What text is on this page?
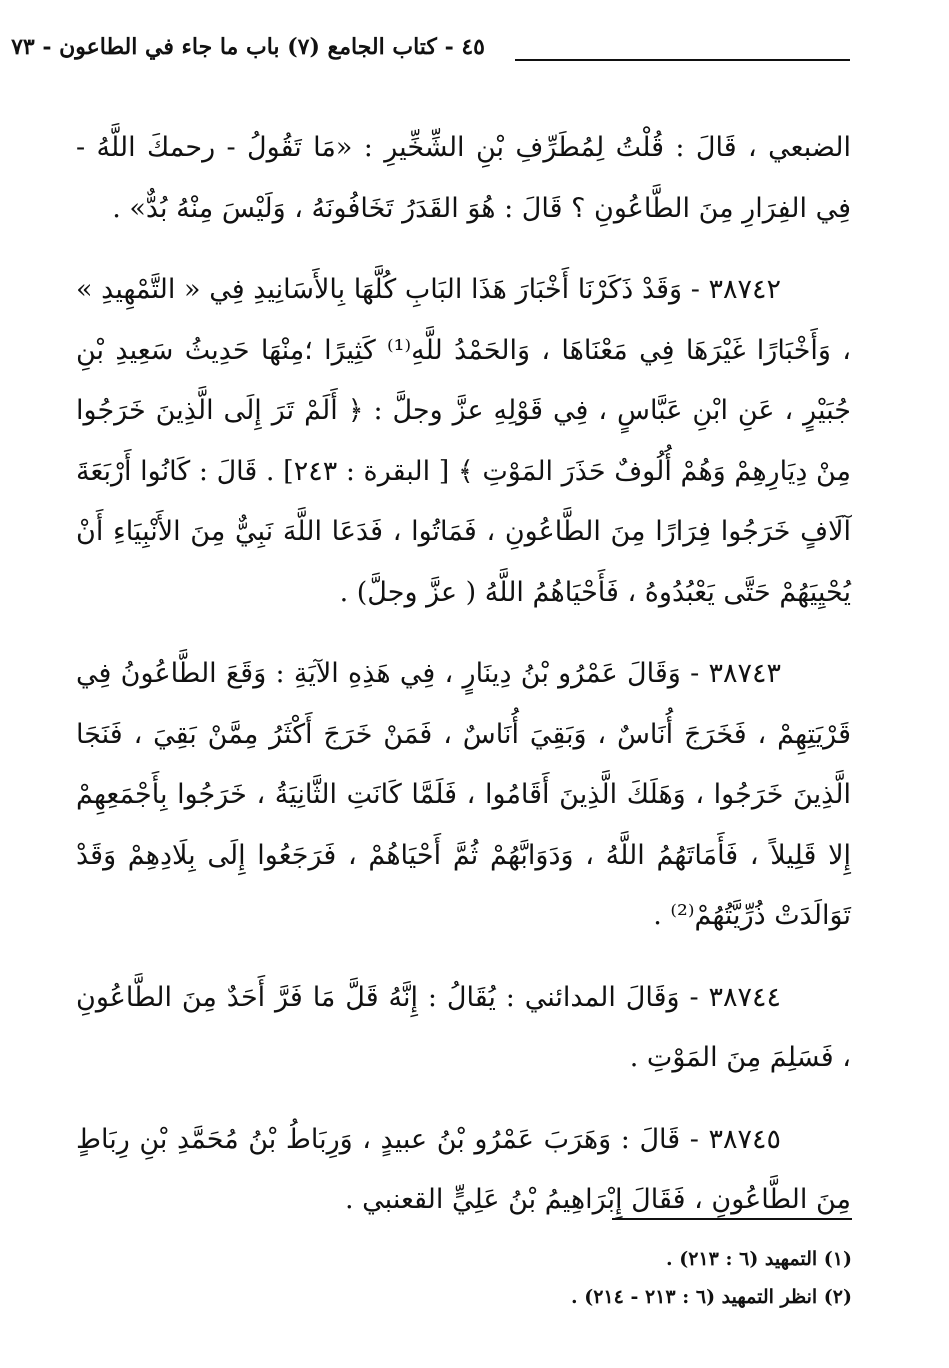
٤٥ - كتاب الجامع (٧) باب ما جاء في الطاعون - ٧٣

الضبعي ، قَالَ : قُلْتُ لِمُطَرِّفِ بْنِ الشِّخِّيرِ : «مَا تَقُولُ - رحمكَ اللَّهُ - فِي الفِرَارِ مِنَ الطَّاعُونِ ؟ قَالَ : هُوَ القَدَرُ تَخَافُونَهُ ، وَلَيْسَ مِنْهُ بُدٌّ» .

٣٨٧٤٢ - وَقَدْ ذَكَرْنَا أَخْبَارَ هَذَا البَابِ كُلَّهَا بِالأَسَانِيدِ فِي « التَّمْهِيدِ » ، وَأَخْبَارًا غَيْرَهَا فِي مَعْنَاهَا ، وَالحَمْدُ للَّهِ⁽¹⁾ كَثِيرًا ؛مِنْهَا حَدِيثُ سَعِيدِ بْنِ جُبَيْرٍ ، عَنِ ابْنِ عَبَّاسٍ ، فِي قَوْلِهِ عزَّ وجلَّ : ﴿ أَلَمْ تَرَ إِلَى الَّذِينَ خَرَجُوا مِنْ دِيَارِهِمْ وَهُمْ أُلُوفٌ حَذَرَ المَوْتِ ﴾ [ البقرة : ٢٤٣] . قَالَ : كَانُوا أَرْبَعَةَ آلَافٍ خَرَجُوا فِرَارًا مِنَ الطَّاعُونِ ، فَمَاتُوا ، فَدَعَا اللَّهَ نَبِيٌّ مِنَ الأَنْبِيَاءِ أَنْ يُحْيِيَهُمْ حَتَّى يَعْبُدُوهُ ، فَأَحْيَاهُمُ اللَّهُ ( عزَّ وجلَّ) .

٣٨٧٤٣ - وَقَالَ عَمْرُو بْنُ دِينَارٍ ، فِي هَذِهِ الآيَةِ : وَقَعَ الطَّاعُونُ فِي قَرْيَتِهِمْ ، فَخَرَجَ أُنَاسٌ ، وَبَقِيَ أُنَاسٌ ، فَمَنْ خَرَجَ أَكْثَرُ مِمَّنْ بَقِيَ ، فَنَجَا الَّذِينَ خَرَجُوا ، وَهَلَكَ الَّذِينَ أَقَامُوا ، فَلَمَّا كَانَتِ الثَّانِيَةُ ، خَرَجُوا بِأَجْمَعِهِمْ إِلا قَلِيلاً ، فَأَمَاتَهُمُ اللَّهُ ، وَدَوَابَّهُمْ ثُمَّ أَحْيَاهُمْ ، فَرَجَعُوا إِلَى بِلَادِهِمْ وَقَدْ تَوَالَدَتْ ذُرِّيَّتُهُمْ⁽²⁾ .

٣٨٧٤٤ - وَقَالَ المدائني : يُقَالُ : إِنَّهُ قَلَّ مَا فَرَّ أَحَدٌ مِنَ الطَّاعُونِ ، فَسَلِمَ مِنَ المَوْتِ .

٣٨٧٤٥ - قَالَ : وَهَرَبَ عَمْرُو بْنُ عبيدٍ ، وَرِبَاطُ بْنُ مُحَمَّدِ بْنِ رِبَاطٍ مِنَ الطَّاعُونِ ، فَقَالَ إِبْرَاهِيمُ بْنُ عَلِيٍّ القعنبي .

(١) التمهيد (٦ : ٢١٣) .
(٢) انظر التمهيد (٦ : ٢١٣ - ٢١٤) .
